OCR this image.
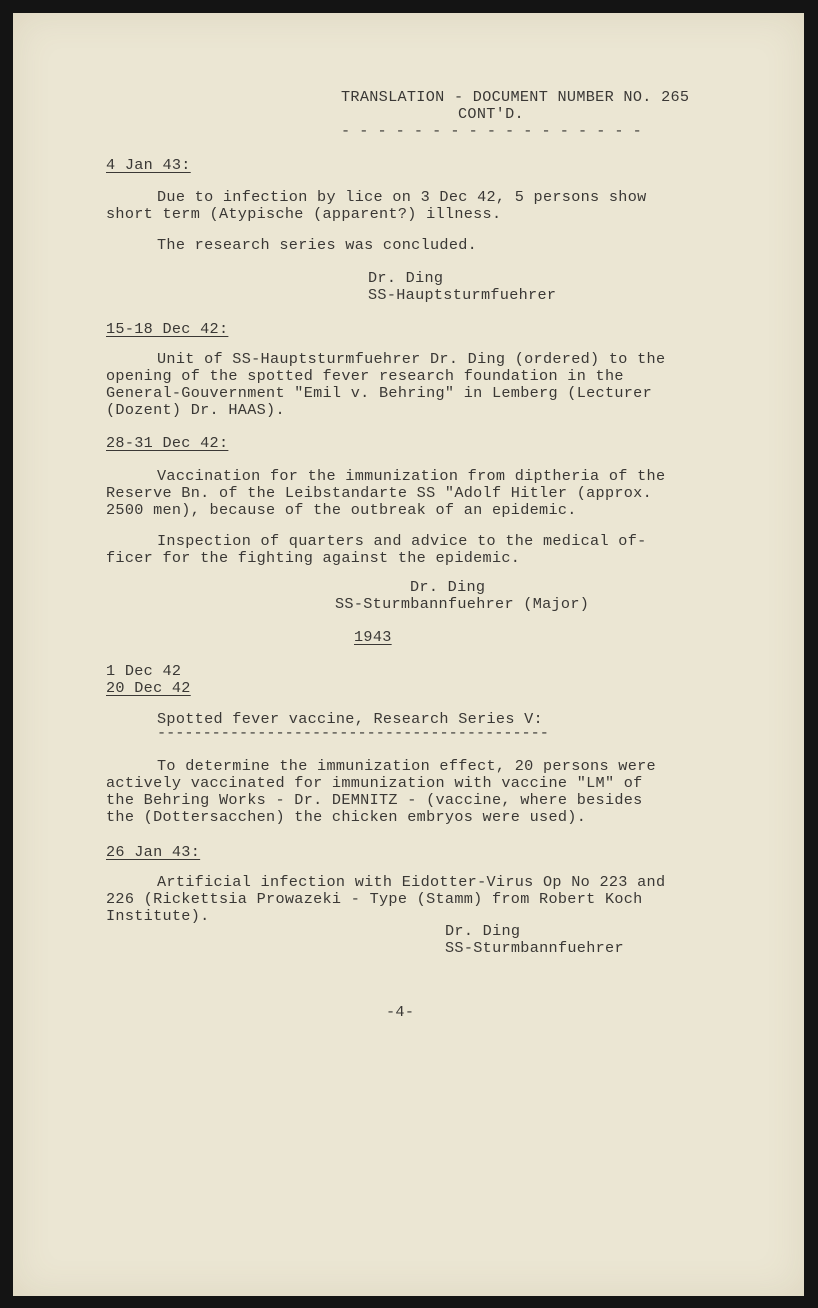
TRANSLATION - DOCUMENT NUMBER NO. 265
CONT'D.
- - - - - - - - - - - - - - - - -
4 Jan 43:
Due to infection by lice on 3 Dec 42, 5 persons show
short term (Atypische (apparent?) illness.
The research series was concluded.
Dr. Ding
SS-Hauptsturmfuehrer
15-18 Dec 42:
Unit of SS-Hauptsturmfuehrer Dr. Ding (ordered) to the
opening of the spotted fever research foundation in the
General-Gouvernment "Emil v. Behring" in Lemberg (Lecturer
(Dozent) Dr. HAAS).
28-31 Dec 42:
Vaccination for the immunization from diptheria of the
Reserve Bn. of the Leibstandarte SS "Adolf Hitler (approx.
2500 men), because of the outbreak of an epidemic.
Inspection of quarters and advice to the medical of-
ficer for the fighting against the epidemic.
Dr. Ding
SS-Sturmbannfuehrer (Major)
1943
1 Dec 42
20 Dec 42
Spotted fever vaccine, Research Series V:
-------------------------------------------
To determine the immunization effect, 20 persons were
actively vaccinated for immunization with vaccine "LM" of
the Behring Works - Dr. DEMNITZ - (vaccine, where besides
the (Dottersacchen) the chicken embryos were used).
26 Jan 43:
Artificial infection with Eidotter-Virus Op No 223 and
226 (Rickettsia Prowazeki - Type (Stamm) from Robert Koch
Institute).
Dr. Ding
SS-Sturmbannfuehrer
-4-
